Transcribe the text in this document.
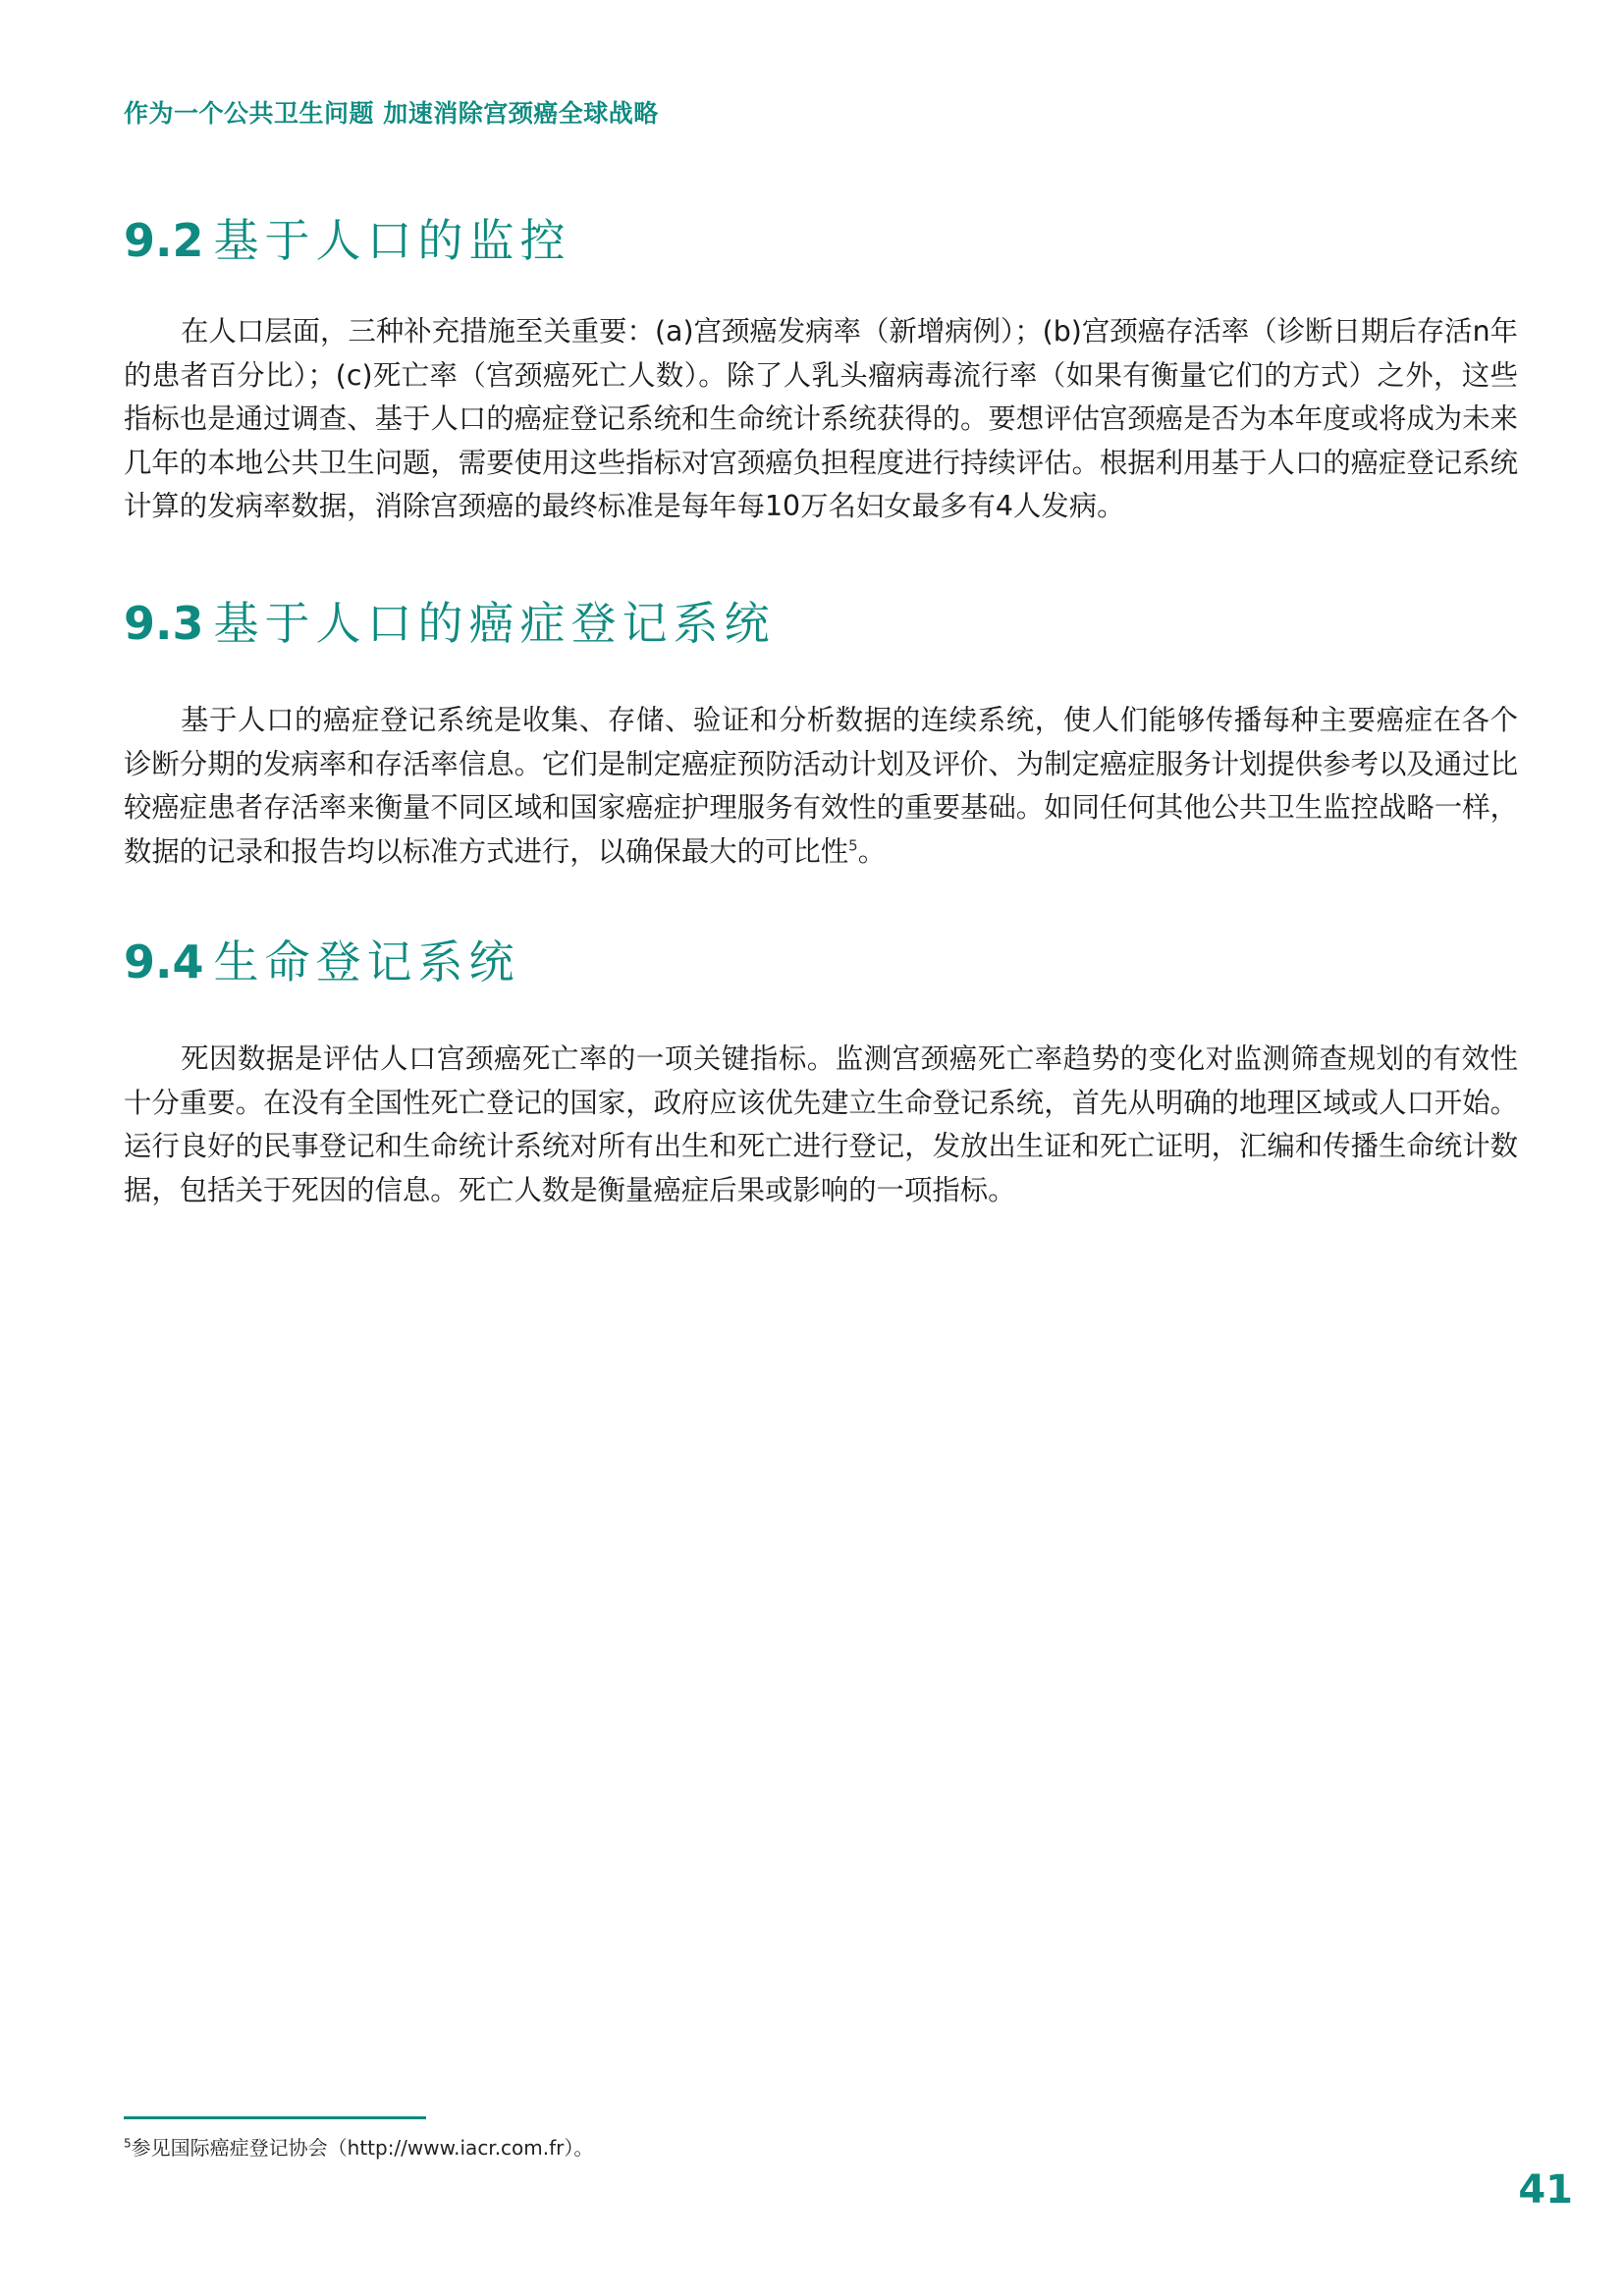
作为一个公共卫生问题 加速消除宫颈癌全球战略
9.2 基于人口的监控

在人口层面，三种补充措施至关重要：(a)宫颈癌发病率（新增病例）；(b)宫颈癌存活率（诊断日期后存活n年的患者百分比）；(c)死亡率（宫颈癌死亡人数）。除了人乳头瘤病毒流行率（如果有衡量它们的方式）之外，这些指标也是通过调查、基于人口的癌症登记系统和生命统计系统获得的。要想评估宫颈癌是否为本年度或将成为未来几年的本地公共卫生问题，需要使用这些指标对宫颈癌负担程度进行持续评估。根据利用基于人口的癌症登记系统计算的发病率数据，消除宫颈癌的最终标准是每年每10万名妇女最多有4人发病。

9.3 基于人口的癌症登记系统

基于人口的癌症登记系统是收集、存储、验证和分析数据的连续系统，使人们能够传播每种主要癌症在各个诊断分期的发病率和存活率信息。它们是制定癌症预防活动计划及评价、为制定癌症服务计划提供参考以及通过比较癌症患者存活率来衡量不同区域和国家癌症护理服务有效性的重要基础。如同任何其他公共卫生监控战略一样，数据的记录和报告均以标准方式进行，以确保最大的可比性$^5$。

9.4 生命登记系统

死因数据是评估人口宫颈癌死亡率的一项关键指标。监测宫颈癌死亡率趋势的变化对监测筛查规划的有效性十分重要。在没有全国性死亡登记的国家，政府应该优先建立生命登记系统，首先从明确的地理区域或人口开始。运行良好的民事登记和生命统计系统对所有出生和死亡进行登记，发放出生证和死亡证明，汇编和传播生命统计数据，包括关于死因的信息。死亡人数是衡量癌症后果或影响的一项指标。

$^5$参见国际癌症登记协会（http://www.iacr.com.fr）。

41
